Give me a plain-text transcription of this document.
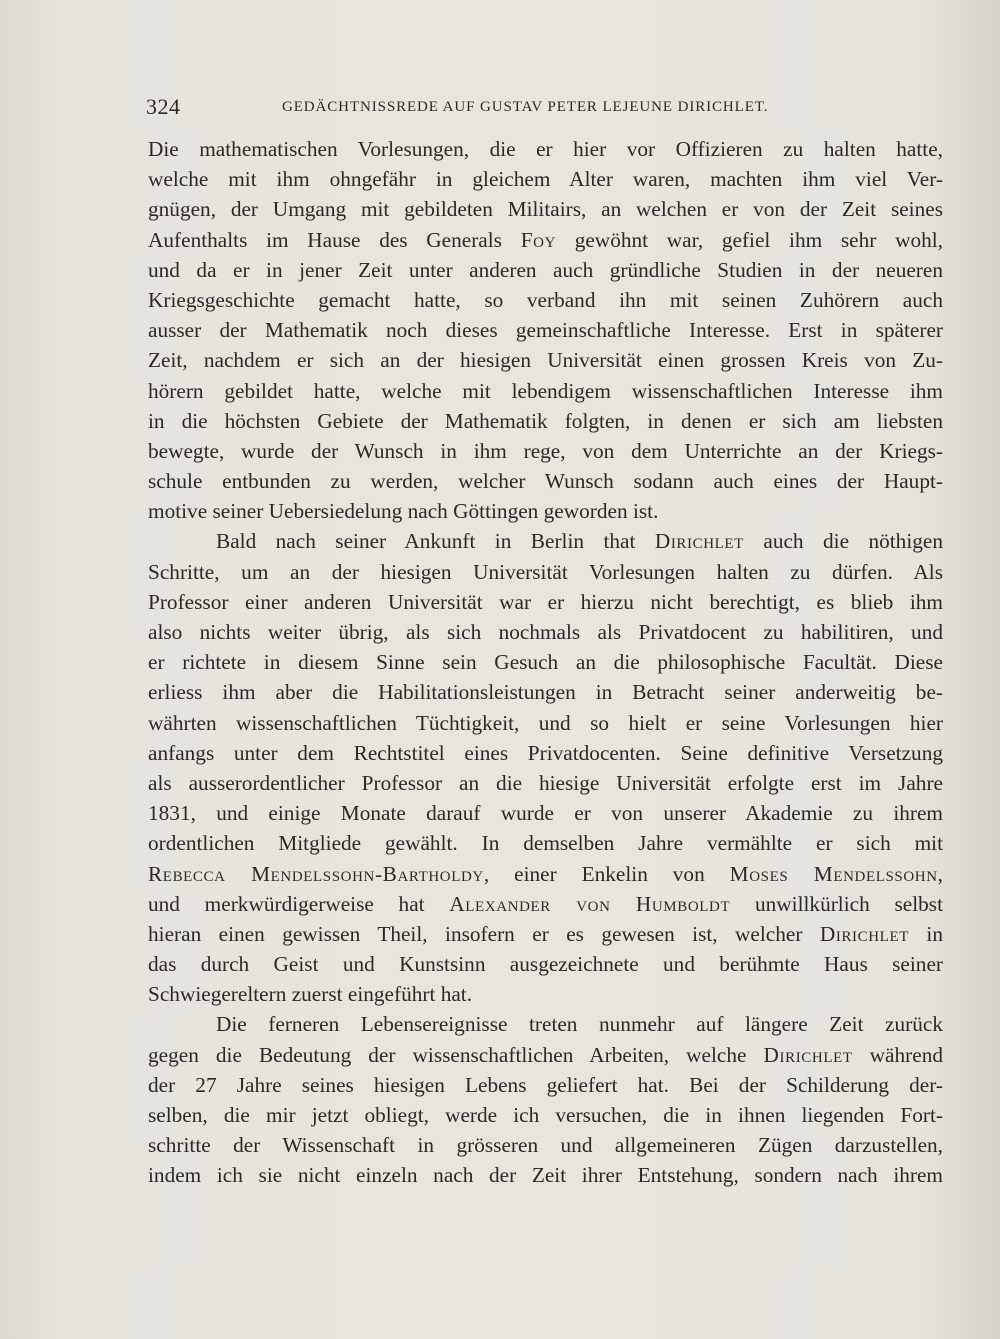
324	GEDÄCHTNISSREDE AUF GUSTAV PETER LEJEUNE DIRICHLET.
Die mathematischen Vorlesungen, die er hier vor Offizieren zu halten hatte,
welche mit ihm ohngefähr in gleichem Alter waren, machten ihm viel Ver-
gnügen, der Umgang mit gebildeten Militairs, an welchen er von der Zeit seines
Aufenthalts im Hause des Generals Foy gewöhnt war, gefiel ihm sehr wohl,
und da er in jener Zeit unter anderen auch gründliche Studien in der neueren
Kriegsgeschichte gemacht hatte, so verband ihn mit seinen Zuhörern auch
ausser der Mathematik noch dieses gemeinschaftliche Interesse. Erst in späterer
Zeit, nachdem er sich an der hiesigen Universität einen grossen Kreis von Zu-
hörern gebildet hatte, welche mit lebendigem wissenschaftlichen Interesse ihm
in die höchsten Gebiete der Mathematik folgten, in denen er sich am liebsten
bewegte, wurde der Wunsch in ihm rege, von dem Unterrichte an der Kriegs-
schule entbunden zu werden, welcher Wunsch sodann auch eines der Haupt-
motive seiner Uebersiedelung nach Göttingen geworden ist.
Bald nach seiner Ankunft in Berlin that Dirichlet auch die nöthigen
Schritte, um an der hiesigen Universität Vorlesungen halten zu dürfen. Als
Professor einer anderen Universität war er hierzu nicht berechtigt, es blieb ihm
also nichts weiter übrig, als sich nochmals als Privatdocent zu habilitiren, und
er richtete in diesem Sinne sein Gesuch an die philosophische Facultät. Diese
erliess ihm aber die Habilitationsleistungen in Betracht seiner anderweitig be-
währten wissenschaftlichen Tüchtigkeit, und so hielt er seine Vorlesungen hier
anfangs unter dem Rechtstitel eines Privatdocenten. Seine definitive Versetzung
als ausserordentlicher Professor an die hiesige Universität erfolgte erst im Jahre
1831, und einige Monate darauf wurde er von unserer Akademie zu ihrem
ordentlichen Mitgliede gewählt. In demselben Jahre vermählte er sich mit
Rebecca Mendelssohn-Bartholdy, einer Enkelin von Moses Mendelssohn,
und merkwürdigerweise hat Alexander von Humboldt unwillkürlich selbst
hieran einen gewissen Theil, insofern er es gewesen ist, welcher Dirichlet in
das durch Geist und Kunstsinn ausgezeichnete und berühmte Haus seiner
Schwiegereltern zuerst eingeführt hat.
Die ferneren Lebensereignisse treten nunmehr auf längere Zeit zurück
gegen die Bedeutung der wissenschaftlichen Arbeiten, welche Dirichlet während
der 27 Jahre seines hiesigen Lebens geliefert hat. Bei der Schilderung der-
selben, die mir jetzt obliegt, werde ich versuchen, die in ihnen liegenden Fort-
schritte der Wissenschaft in grösseren und allgemeineren Zügen darzustellen,
indem ich sie nicht einzeln nach der Zeit ihrer Entstehung, sondern nach ihrem
